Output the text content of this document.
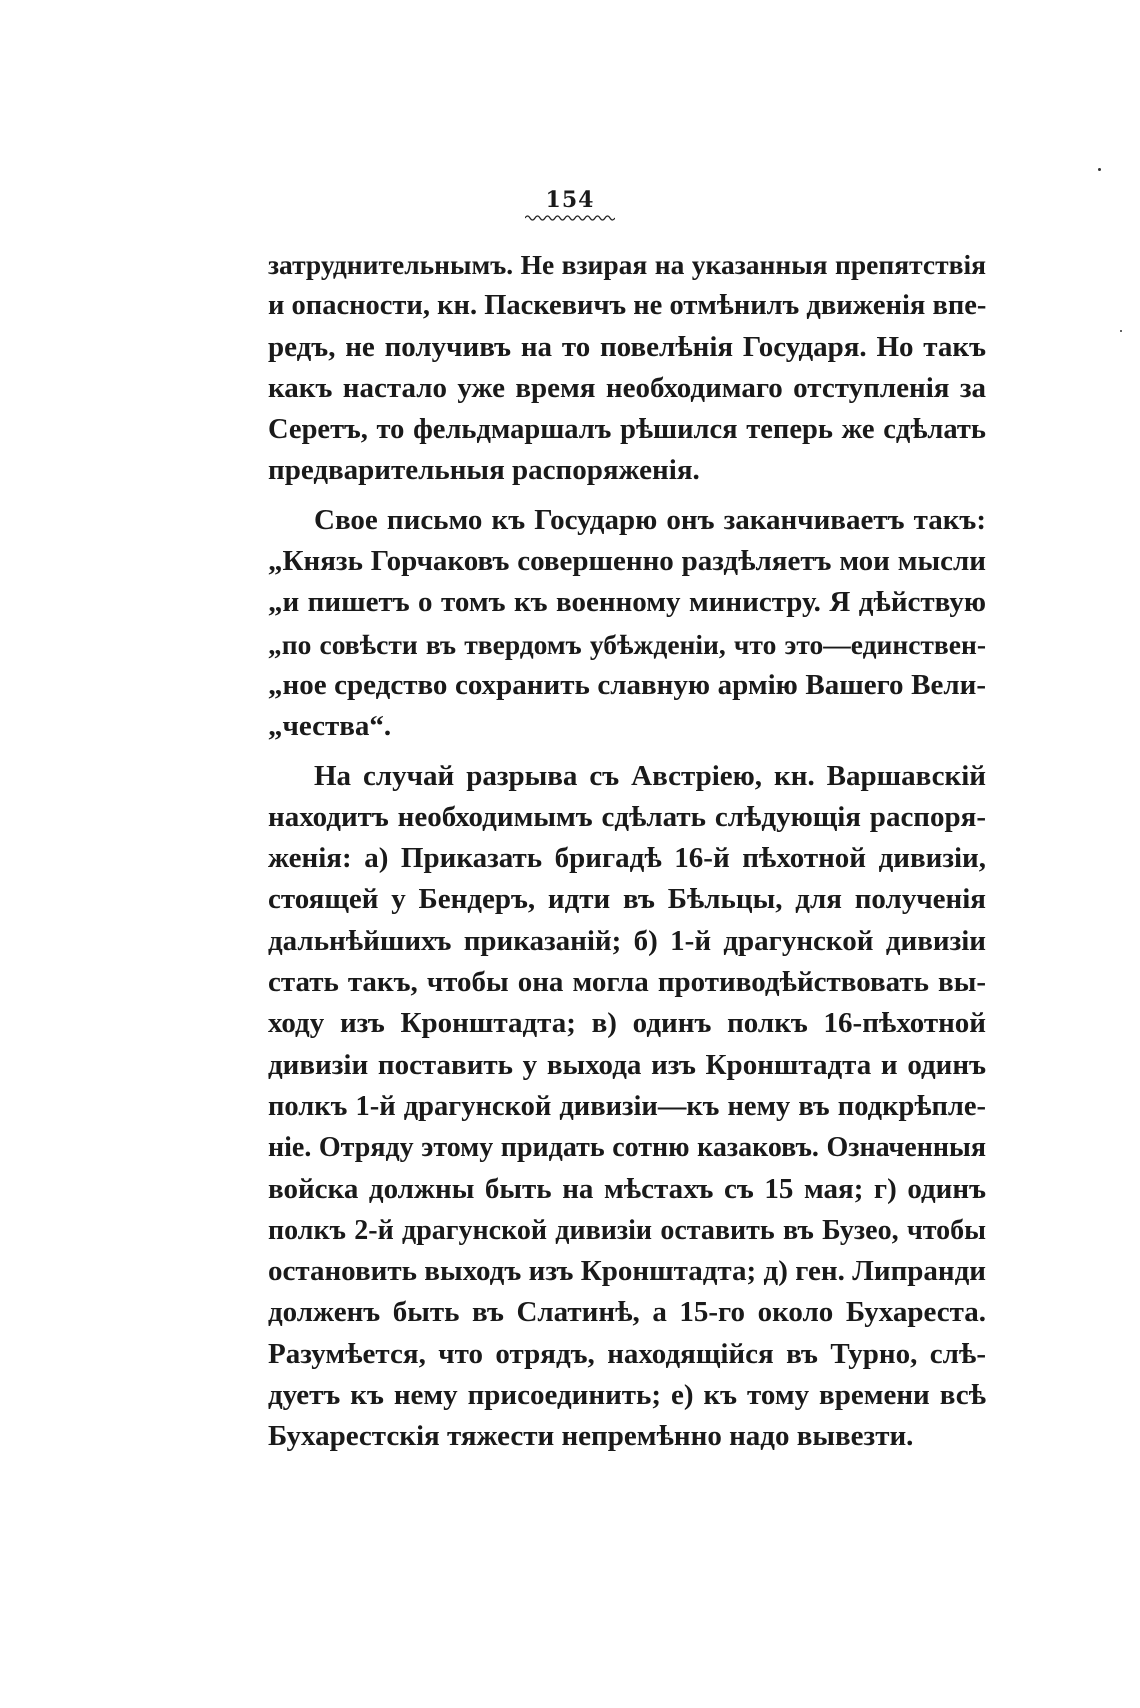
154
затруднительнымъ. Не взирая на указанныя препятствія
и опасности, кн. Паскевичъ не отмѣнилъ движенія впе-
редъ, не получивъ на то повелѣнія Государя. Но такъ
какъ настало уже время необходимаго отступленія за
Серетъ, то фельдмаршалъ рѣшился теперь же сдѣлать
предварительныя распоряженія.
Свое письмо къ Государю онъ заканчиваетъ такъ:
„Князь Горчаковъ совершенно раздѣляетъ мои мысли
„и пишетъ о томъ къ военному министру. Я дѣйствую
„по совѣсти въ твердомъ убѣжденіи, что это—единствен-
„ное средство сохранить славную армію Вашего Вели-
„чества“.
На случай разрыва съ Австріею, кн. Варшавскій
находитъ необходимымъ сдѣлать слѣдующія распоря-
женія: а) Приказать бригадѣ 16-й пѣхотной дивизіи,
стоящей у Бендеръ, идти въ Бѣльцы, для полученія
дальнѣйшихъ приказаній; б) 1-й драгунской дивизіи
стать такъ, чтобы она могла противодѣйствовать вы-
ходу изъ Кронштадта; в) одинъ полкъ 16-пѣхотной
дивизіи поставить у выхода изъ Кронштадта и одинъ
полкъ 1-й драгунской дивизіи—къ нему въ подкрѣпле-
ніе. Отряду этому придать сотню казаковъ. Означенныя
войска должны быть на мѣстахъ съ 15 мая; г) одинъ
полкъ 2-й драгунской дивизіи оставить въ Бузео, чтобы
остановить выходъ изъ Кронштадта; д) ген. Липранди
долженъ быть въ Слатинѣ, а 15-го около Бухареста.
Разумѣется, что отрядъ, находящійся въ Турно, слѣ-
дуетъ къ нему присоединить; е) къ тому времени всѣ
Бухарестскія тяжести непремѣнно надо вывезти.
